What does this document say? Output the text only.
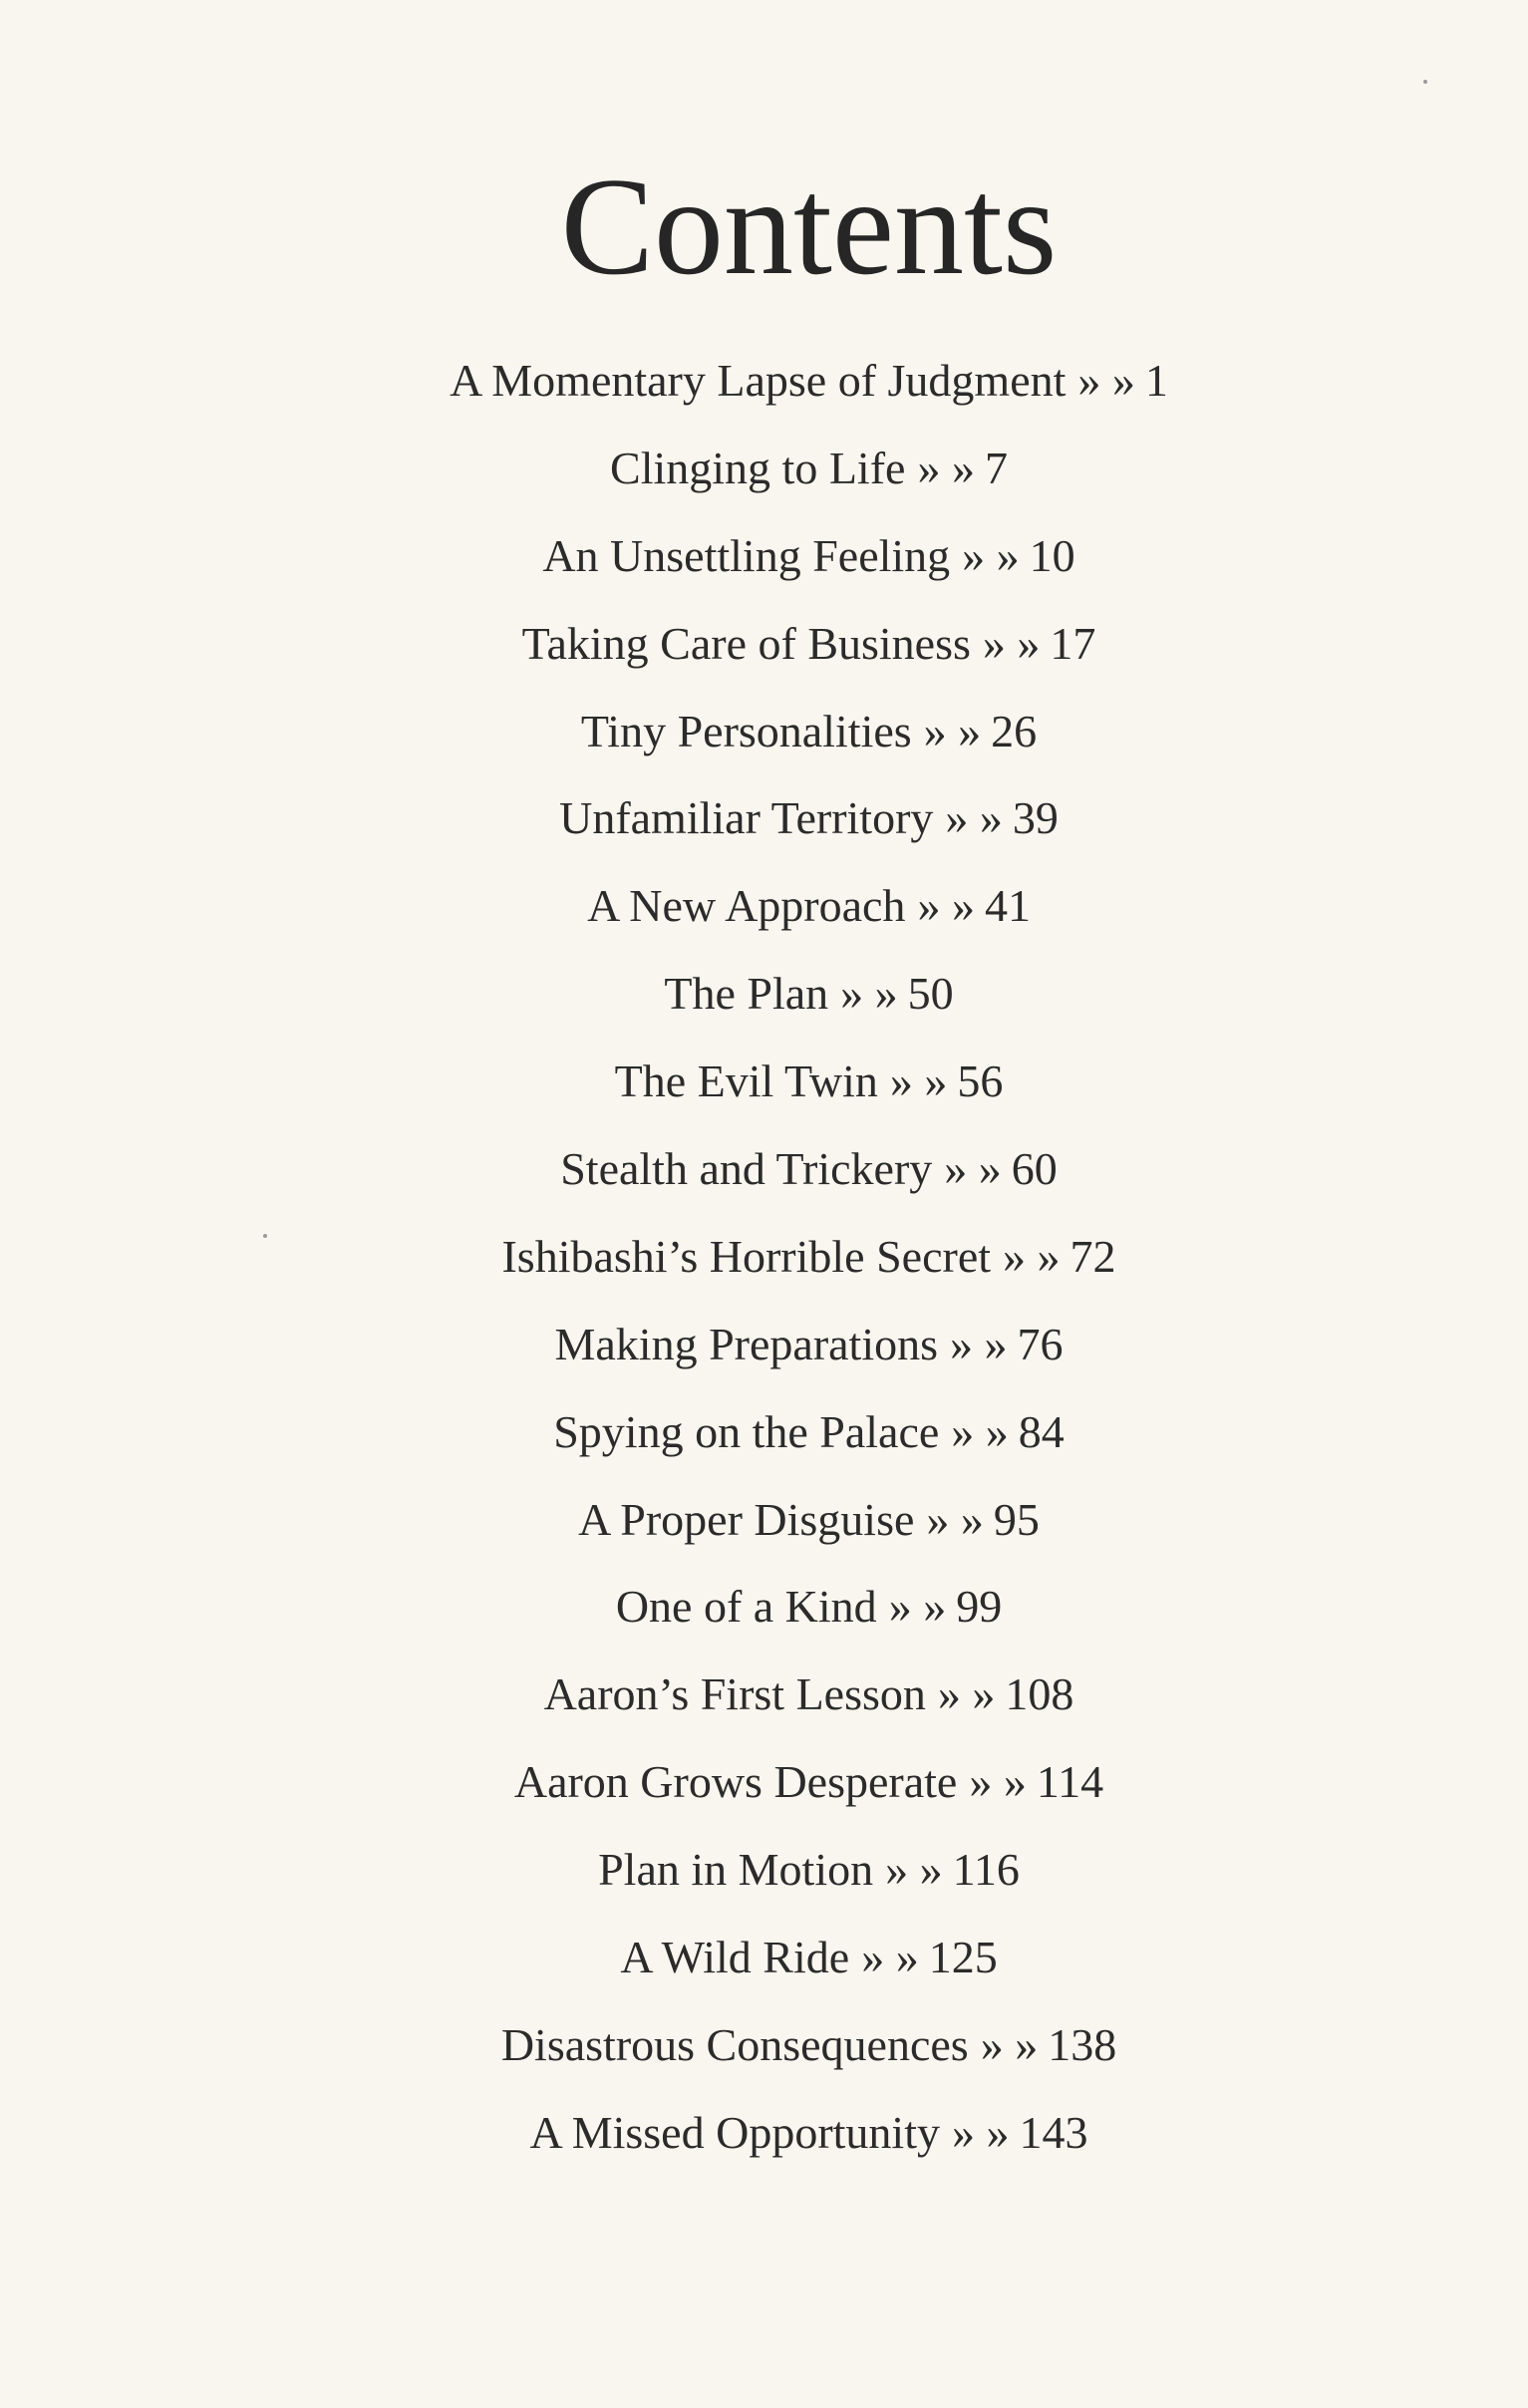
Contents
A Momentary Lapse of Judgment » » 1
Clinging to Life » » 7
An Unsettling Feeling » » 10
Taking Care of Business » » 17
Tiny Personalities » » 26
Unfamiliar Territory » » 39
A New Approach » » 41
The Plan » » 50
The Evil Twin » » 56
Stealth and Trickery » » 60
Ishibashi’s Horrible Secret » » 72
Making Preparations » » 76
Spying on the Palace » » 84
A Proper Disguise » » 95
One of a Kind » » 99
Aaron’s First Lesson » » 108
Aaron Grows Desperate » » 114
Plan in Motion » » 116
A Wild Ride » » 125
Disastrous Consequences » » 138
A Missed Opportunity » » 143
